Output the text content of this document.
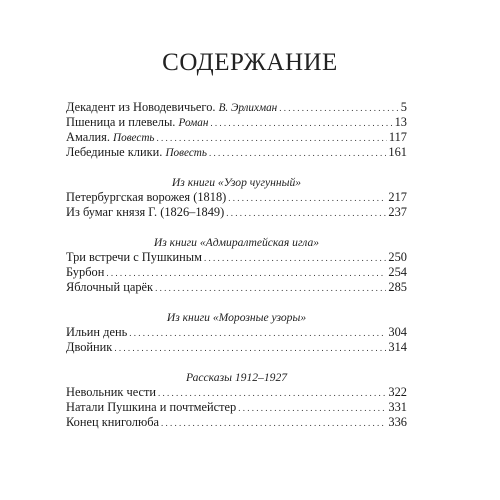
СОДЕРЖАНИЕ
Декадент из Новодевичьего. В. Эрлихман . . .	5
Пшеница и плевелы. Роман . . .	13
Амалия. Повесть . . .	117
Лебединые клики. Повесть . . .	161
Из книги «Узор чугунный»
Петербургская ворожея (1818) . . .	217
Из бумаг князя Г. (1826–1849) . . .	237
Из книги «Адмиралтейская игла»
Три встречи с Пушкиным . . .	250
Бурбон . . .	254
Яблочный царёк . . .	285
Из книги «Морозные узоры»
Ильин день . . .	304
Двойник . . .	314
Рассказы 1912–1927
Невольник чести . . .	322
Натали Пушкина и почтмейстер . . .	331
Конец книголюба . . .	336
